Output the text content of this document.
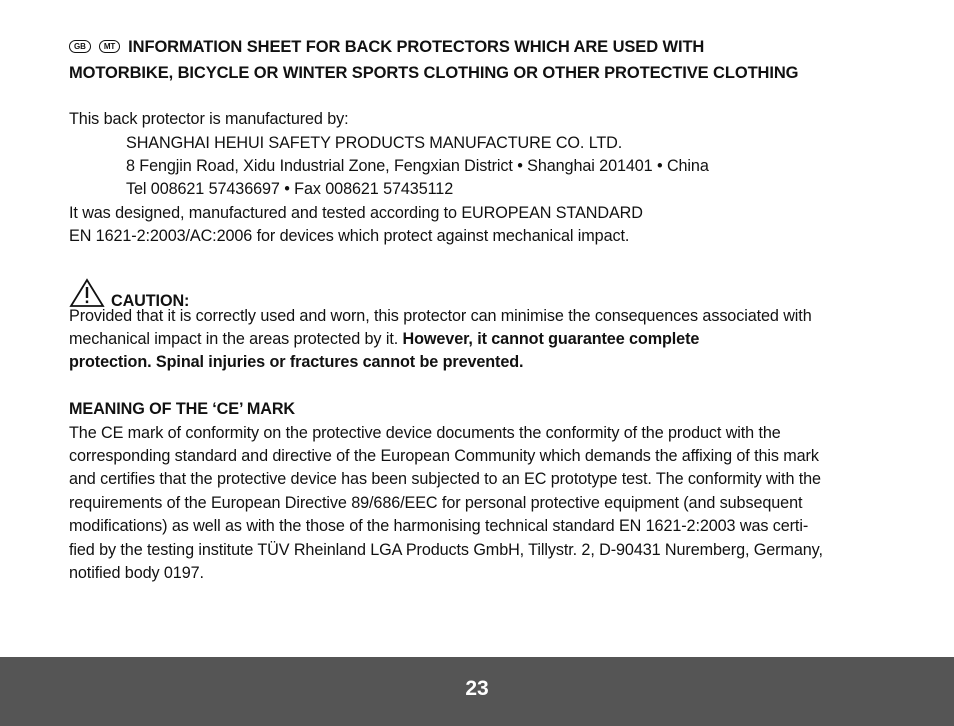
GB MT INFORMATION SHEET FOR BACK PROTECTORS WHICH ARE USED WITH
MOTORBIKE, BICYCLE OR WINTER SPORTS CLOTHING OR OTHER PROTECTIVE CLOTHING
This back protector is manufactured by:
SHANGHAI HEHUI SAFETY PRODUCTS MANUFACTURE CO. LTD.
8 Fengjin Road, Xidu Industrial Zone, Fengxian District • Shanghai 201401 • China
Tel 008621 57436697 • Fax 008621 57435112
It was designed, manufactured and tested according to EUROPEAN STANDARD
EN 1621-2:2003/AC:2006 for devices which protect against mechanical impact.
CAUTION:
Provided that it is correctly used and worn, this protector can minimise the consequences associated with
mechanical impact in the areas protected by it. However, it cannot guarantee complete
protection. Spinal injuries or fractures cannot be prevented.
MEANING OF THE ‘CE’ MARK
The CE mark of conformity on the protective device documents the conformity of the product with the
corresponding standard and directive of the European Community which demands the affixing of this mark
and certifies that the protective device has been subjected to an EC prototype test. The conformity with the
requirements of the European Directive 89/686/EEC for personal protective equipment (and subsequent
modifications) as well as with the those of the harmonising technical standard EN 1621-2:2003 was certi-
fied by the testing institute TÜV Rheinland LGA Products GmbH, Tillystr. 2, D-90431 Nuremberg, Germany,
notified body 0197.
23
